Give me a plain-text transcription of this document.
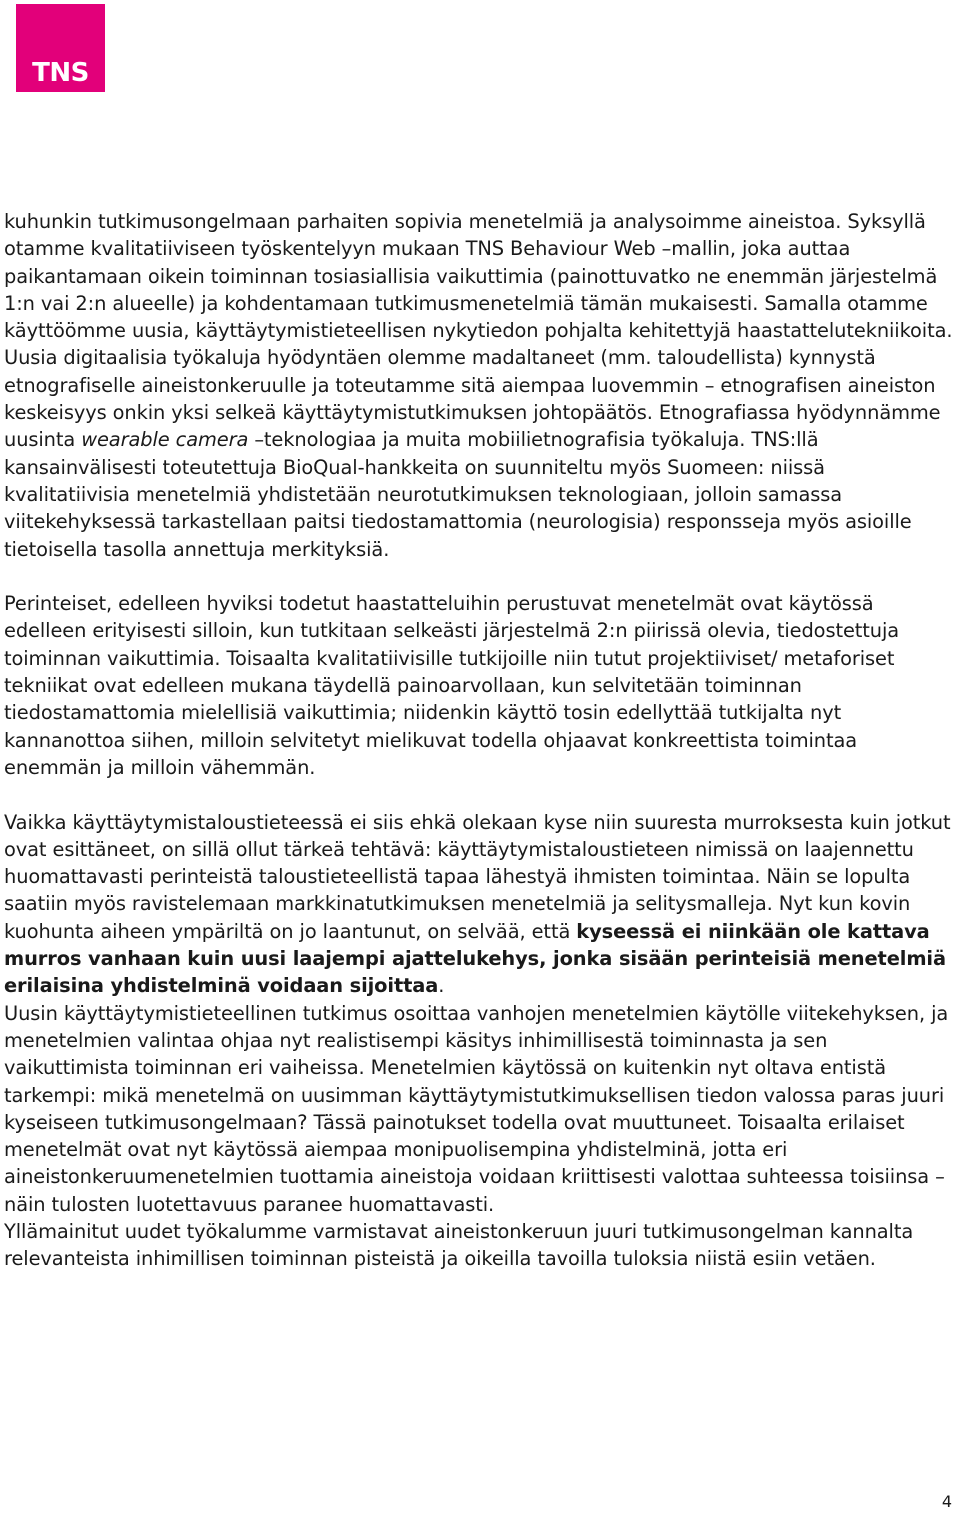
TNS

kuhunkin tutkimusongelmaan parhaiten sopivia menetelmiä ja analysoimme aineistoa. Syksyllä otamme kvalitatiiviseen työskentelyyn mukaan TNS Behaviour Web –mallin, joka auttaa paikantamaan oikein toiminnan tosiasiallisia vaikuttimia (painottuvatko ne enemmän järjestelmä 1:n vai 2:n alueelle) ja kohdentamaan tutkimusmenetelmiä tämän mukaisesti. Samalla otamme käyttöömme uusia, käyttäytymistieteellisen nykytiedon pohjalta kehitettyjä haastattelutekniikoita. Uusia digitaalisia työkaluja hyödyntäen olemme madaltaneet (mm. taloudellista) kynnystä etnografiselle aineistonkeruulle ja toteutamme sitä aiempaa luovemmin – etnografisen aineiston keskeisyys onkin yksi selkeä käyttäytymistutkimuksen johtopäätös. Etnografiassa hyödynnämme uusinta wearable camera –teknologiaa ja muita mobiilietnografisia työkaluja. TNS:llä kansainvälisesti toteutettuja BioQual-hankkeita on suunniteltu myös Suomeen: niissä kvalitatiivisia menetelmiä yhdistetään neurotutkimuksen teknologiaan, jolloin samassa viitekehyksessä tarkastellaan paitsi tiedostamattomia (neurologisia) responsseja myös asioille tietoisella tasolla annettuja merkityksiä.

Perinteiset, edelleen hyviksi todetut haastatteluihin perustuvat menetelmät ovat käytössä edelleen erityisesti silloin, kun tutkitaan selkeästi järjestelmä 2:n piirissä olevia, tiedostettuja toiminnan vaikuttimia. Toisaalta kvalitatiivisille tutkijoille niin tutut projektiiviset/ metaforiset tekniikat ovat edelleen mukana täydellä painoarvollaan, kun selvitetään toiminnan tiedostamattomia mielellisiä vaikuttimia; niidenkin käyttö tosin edellyttää tutkijalta nyt kannanottoa siihen, milloin selvitetyt mielikuvat todella ohjaavat konkreettista toimintaa enemmän ja milloin vähemmän.

Vaikka käyttäytymistaloustieteessä ei siis ehkä olekaan kyse niin suuresta murroksesta kuin jotkut ovat esittäneet, on sillä ollut tärkeä tehtävä: käyttäytymistaloustieteen nimissä on laajennettu huomattavasti perinteistä taloustieteellistä tapaa lähestyä ihmisten toimintaa. Näin se lopulta saatiin myös ravistelemaan markkinatutkimuksen menetelmiä ja selitysmalleja. Nyt kun kovin kuohunta aiheen ympäriltä on jo laantunut, on selvää, että kyseessä ei niinkään ole kattava murros vanhaan kuin uusi laajempi ajattelukehys, jonka sisään perinteisiä menetelmiä erilaisina yhdistelminä voidaan sijoittaa.

Uusin käyttäytymistieteellinen tutkimus osoittaa vanhojen menetelmien käytölle viitekehyksen, ja menetelmien valintaa ohjaa nyt realistisempi käsitys inhimillisestä toiminnasta ja sen vaikuttimista toiminnan eri vaiheissa. Menetelmien käytössä on kuitenkin nyt oltava entistä tarkempi: mikä menetelmä on uusimman käyttäytymistutkimuksellisen tiedon valossa paras juuri kyseiseen tutkimusongelmaan? Tässä painotukset todella ovat muuttuneet. Toisaalta erilaiset menetelmät ovat nyt käytössä aiempaa monipuolisempina yhdistelminä, jotta eri aineistonkeruumenetelmien tuottamia aineistoja voidaan kriittisesti valottaa suhteessa toisiinsa – näin tulosten luotettavuus paranee huomattavasti.

Yllämainitut uudet työkalumme varmistavat aineistonkeruun juuri tutkimusongelman kannalta relevanteista inhimillisen toiminnan pisteistä ja oikeilla tavoilla tuloksia niistä esiin vetäen.

4
